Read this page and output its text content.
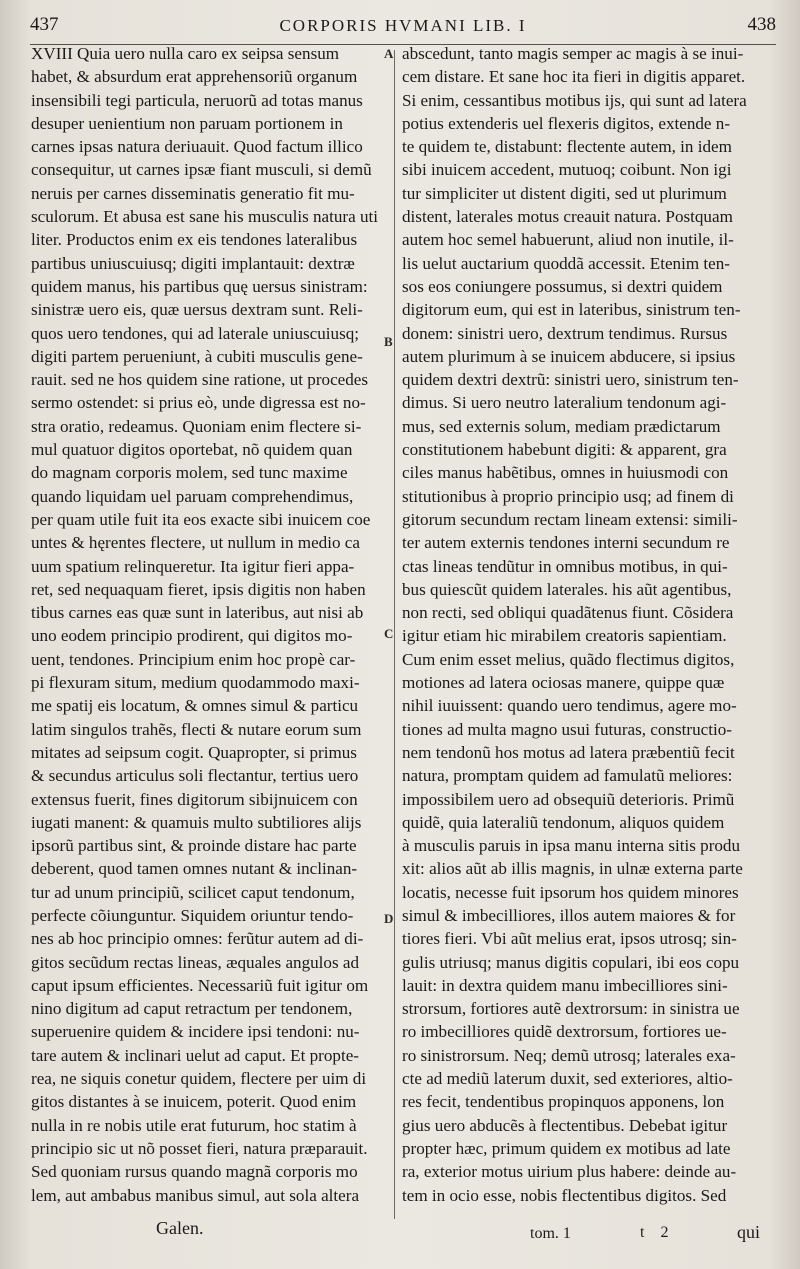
437	CORPORIS HVMANI LIB. I	438
XVIII Quia uero nulla caro ex seipsa sensum
habet, & absurdum erat apprehensoriũ organum
insensibili tegi particula, neruorũ ad totas manus
desuper uenientium non paruam portionem in
carnes ipsas natura deriuauit. Quod factum illico
consequitur, ut carnes ipsæ fiant musculi, si demũ
neruis per carnes disseminatis generatio fit mu-
sculorum. Et abusa est sane his musculis natura uti
liter. Productos enim ex eis tendones lateralibus
partibus uniuscuiusq; digiti implantauit: dextræ
quidem manus, his partibus quę uersus sinistram:
sinistræ uero eis, quæ uersus dextram sunt. Reli-
quos uero tendones, qui ad laterale uniuscuiusq;
digiti partem perueniunt, à cubiti musculis gene-
rauit. sed ne hos quidem sine ratione, ut procedes
sermo ostendet: si prius eò, unde digressa est no-
stra oratio, redeamus. Quoniam enim flectere si-
mul quatuor digitos oportebat, nõ quidem quan
do magnam corporis molem, sed tunc maxime
quando liquidam uel paruam comprehendimus,
per quam utile fuit ita eos exacte sibi inuicem coe
untes & hęrentes flectere, ut nullum in medio ca
uum spatium relinqueretur. Ita igitur fieri appa-
ret, sed nequaquam fieret, ipsis digitis non haben
tibus carnes eas quæ sunt in lateribus, aut nisi ab
uno eodem principio prodirent, qui digitos mo-
uent, tendones. Principium enim hoc propè car-
pi flexuram situm, medium quodammodo maxi-
me spatij eis locatum, & omnes simul & particu
latim singulos trahẽs, flecti & nutare eorum sum
mitates ad seipsum cogit. Quapropter, si primus
& secundus articulus soli flectantur, tertius uero
extensus fuerit, fines digitorum sibijnuicem con
iugati manent: & quamuis multo subtiliores alijs
ipsorũ partibus sint, & proinde distare hac parte
deberent, quod tamen omnes nutant & inclinan-
tur ad unum principiũ, scilicet caput tendonum,
perfecte cõiunguntur. Siquidem oriuntur tendo-
nes ab hoc principio omnes: ferũtur autem ad di-
gitos secũdum rectas lineas, æquales angulos ad
caput ipsum efficientes. Necessariũ fuit igitur om
nino digitum ad caput retractum per tendonem,
superuenire quidem & incidere ipsi tendoni: nu-
tare autem & inclinari uelut ad caput. Et propte-
rea, ne siquis conetur quidem, flectere per uim di
gitos distantes à se inuicem, poterit. Quod enim
nulla in re nobis utile erat futurum, hoc statim à
principio sic ut nõ posset fieri, natura præparauit.
Sed quoniam rursus quando magnã corporis mo
lem, aut ambabus manibus simul, aut sola altera
abscedunt, tanto magis semper ac magis à se inui-
cem distare. Et sane hoc ita fieri in digitis apparet.
Si enim, cessantibus motibus ijs, qui sunt ad latera
potius extenderis uel flexeris digitos, extende n-
te quidem te, distabunt: flectente autem, in idem
sibi inuicem accedent, mutuoq; coibunt. Non igi
tur simpliciter ut distent digiti, sed ut plurimum
distent, laterales motus creauit natura. Postquam
autem hoc semel habuerunt, aliud non inutile, il-
lis uelut auctarium quoddã accessit. Etenim ten-
sos eos coniungere possumus, si dextri quidem
digitorum eum, qui est in lateribus, sinistrum ten-
donem: sinistri uero, dextrum tendimus. Rursus
autem plurimum à se inuicem abducere, si ipsius
quidem dextri dextrũ: sinistri uero, sinistrum ten-
dimus. Si uero neutro lateralium tendonum agi-
mus, sed externis solum, mediam prædictarum
constitutionem habebunt digiti: & apparent, gra
ciles manus habẽtibus, omnes in huiusmodi con
stitutionibus à proprio principio usq; ad finem di
gitorum secundum rectam lineam extensi: simili-
ter autem externis tendones interni secundum re
ctas lineas tendũtur in omnibus motibus, in qui-
bus quiescũt quidem laterales. his aũt agentibus,
non recti, sed obliqui quadãtenus fiunt. Cõsidera
igitur etiam hic mirabilem creatoris sapientiam.
Cum enim esset melius, quãdo flectimus digitos,
motiones ad latera ociosas manere, quippe quæ
nihil iuuissent: quando uero tendimus, agere mo-
tiones ad multa magno usui futuras, constructio-
nem tendonũ hos motus ad latera præbentiũ fecit
natura, promptam quidem ad famulatũ meliores:
impossibilem uero ad obsequiũ deterioris. Primũ
quidẽ, quia lateraliũ tendonum, aliquos quidem
à musculis paruis in ipsa manu interna sitis produ
xit: alios aũt ab illis magnis, in ulnæ externa parte
locatis, necesse fuit ipsorum hos quidem minores
simul & imbecilliores, illos autem maiores & for
tiores fieri. Vbi aũt melius erat, ipsos utrosq; sin-
gulis utriusq; manus digitis copulari, ibi eos copu
lauit: in dextra quidem manu imbecilliores sini-
strorsum, fortiores autẽ dextrorsum: in sinistra ue
ro imbecilliores quidẽ dextrorsum, fortiores ue-
ro sinistrorsum. Neq; demũ utrosq; laterales exa-
cte ad mediũ laterum duxit, sed exteriores, altio-
res fecit, tendentibus propinquos apponens, lon
gius uero abducẽs à flectentibus. Debebat igitur
propter hæc, primum quidem ex motibus ad late
ra, exterior motus uirium plus habere: deinde au-
tem in ocio esse, nobis flectentibus digitos. Sed
A
B
C
D
Galen.	tom. 1	t 2	qui
